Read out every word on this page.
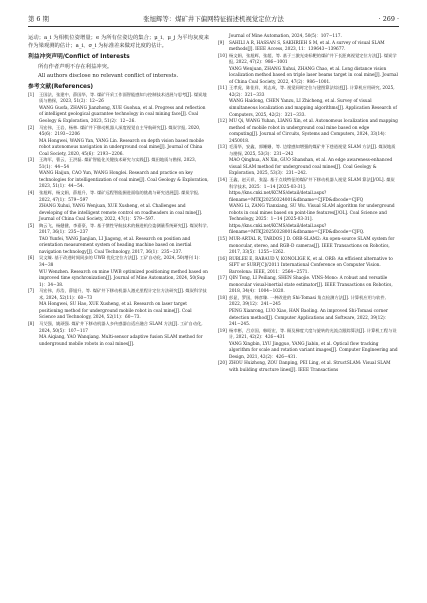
第 6 期	张旭辉等：煤矿井下偏网特征描述机视觉定位方法	· 269 ·

运动；a_i 为相机位姿增量；e 为所有位姿边的集合；μ_i、μ_j 为平均灰度来作为梁观测的估计；a_i、σ_i 为标准差来做对比度的估计。

利益冲突声明/Conflict of Interests

所有作者声明不存在利益冲突。

All authors disclose no relevant conflict of interests.

参考文献(References)
[1]	王国法，张建中，薛国华，等. 煤矿开采工作面智能感知与控制技术进展与思考[J]. 煤炭地质与勘探，2023, 51(2)：12−26
WANG Guofa, ZHANG Jianzhong, XUE Guohua, et al. Progress and reflection of intelligent geological guarantee technology in coal mining face[J]. Coal Geology & Exploration, 2023, 51(2)：12−26.
[2]	马宏伟，王岩，杨林. 煤矿井下移动机器人深度视觉自主导航研究[J]. 煤炭学报, 2020, 45(6)：2193−2206
MA Hongwei, WANG Yan, YANG Lin. Research on depth vision based mobile robot autonomous navigation in underground coal mine[J]. Journal of China Coal Society, 2020, 45(6)：2193−2206.
[3]	王海军，曹云，王洪磊. 煤矿智能化关键技术研究与实践[J]. 煤田地质与勘探, 2023, 51(1)：44−54
WANG Haijun, CAO Yun, WANG Honglei. Research and practice on key technologies for intelligentization of coal mine[J]. Coal Geology & Exploration, 2023, 51(1)：44−54.
[4]	张旭辉，杨文娟，薛旭升，等. 煤矿远程智能掘进面临的挑战与研究进展[J]. 煤炭学报, 2022, 47(1)：579−597
ZHANG Xuhui, YANG Wenjuan, XUE Xusheng, et al. Challenges and developing of the intelligent remote control on roadheaders in coal mine[J]. Journal of China Coal Society, 2022, 47(1)：579−597.
[5]	陶云飞，杨健健，李嘉豪，等. 基于惯性导航技术的掘进机位姿测量系统研究[J]. 煤炭科学, 2017, 36(1)：235−237
TAO Yunfei, YANG Jianjian, LI Jiagong, et al. Research on position and orientation measurement system of heading machine based on inertial navigation technology[J]. Coal Technology, 2017, 36(1)：235−237.
[6]	吴文臻. 基于改进时间同步的 UWB 优化定位方法[J]. 工矿自动化, 2024, 50(增刊 1)：34−38
WU Wenzhen. Research on mine UWB optimized positioning method based on improved time synchronization[J]. Journal of Mine Automation, 2024, 50(Sup 1)：34−38.
[7]	马宏伟，苏浩，薛旭升，等. 煤矿井下移动机器人激光里程计定位方法研究[J]. 煤炭科学技术, 2024, 52(11)：60−73
MA Hongwei, SU Hao, XUE Xusheng, et al. Research on laser target positioning method for underground mobile robot in coal mine[J]. Coal Science and Technology, 2024, 52(11)：60−73.
[8]	马艾强，姚顽强. 煤矿井下移动机器人多传感器自适应融合 SLAM 方法[J]. 工矿自动化, 2024, 50(5)：107−117
MA Aiqiang, YAO Wanqiang. Multi-sensor adaptive fusion SLAM method for underground mobile robots in coal mines[J].
Journal of Mine Automation, 2024, 50(5)：107−117.
[9]	SAHILI A R, HASSAN S, SAKHRIEH S M, et al. A survey of visual SLAM methods[J]. IEEE Access, 2023, 11：139643−139677.
[10] 杨文娟，张旭辉，张超，等. 基于三激光束标靶的煤矿井下长距离视觉定位方法[J]. 煤炭学报, 2022, 47(2)：986−1001
YANG Wenjuan, ZHANG Xuhui, ZHANG Chao, et al. Long distance vision localization method based on triple laser beams target in coal mine[J]. Journal of China Coal Society, 2022, 47(2)：986−1001.
[11] 王孝虎，陈佳祥，刘志成，等. 视觉同时定位与建图算法综述[J]. 计算机应用研究, 2025, 42(2)：321−333
WANG Haidong, CHEN Yanzu, LI Zhicheng, et al. Survey of visual simultaneous localization and mapping algorithms[J]. Application Research of Computers, 2025, 42(2)：321−333.
[12] MU Qi, WANG Yuhan, LIANG Xin, et al. Autonomous localization and mapping method of mobile robot in underground coal mine based on edge computing[J]. Journal of Circuits, Systems and Computers, 2024, 33(14)：2450018.
[13] 毛清华，安鑫，郭姗姗，等. 边缘感知增强的煤矿井下巷道视觉 SLAM 方法[J]. 煤炭地质与勘探, 2025, 53(3)：231−242
MAO Qinghua, AN Xin, GUO Shanshan, et al. An edge awareness-enhanced visual SLAM method for underground coal mines[J]. Coal Geology & Exploration, 2025, 53(3)：231−242.
[14] 王鑫，赵天祥，张温. 基于点线特征的煤矿井下移动机器人视觉 SLAM 算法[J/OL]. 煤炭科学技术, 2025：1−14 [2025-03-31]. https://kns.cnki.net/KCMS/detail/detail.aspx?filename=MTKJ20250324001&dbname=CJFD&dbcode=CJFQ
WANG Li, ZANG Tianxiang, SU Wu. Visual SLAM algorithm for underground robots in coal mines based on point-line features[J/OL]. Coal Science and Technology, 2025：1−14 [2025-03-31]. https://kns.cnki.net/KCMS/detail/detail.aspx?filename=MTKJ20250328001&dbname=CJFD&dbcode=CJFQ.
[15] MUR-ARTAL R, TARDOS J D. ORB-SLAM2: An open-source SLAM system for monocular, stereo, and RGB-D cameras[J]. IEEE Transactions on Robotics, 2017, 33(5)：1255−1262.
[16] RUBLEE E, RABAUD V, KONOLIGE K, et al. ORB: An efficient alternative to SIFT or SURF[C]//2011 International Conference on Computer Vision. Barcelona: IEEE, 2011：2564−2571.
[17] QIN Tong, LI Peiliang, SHEN Shaojie. VINS-Mono: A robust and versatile monocular visual-inertial state estimator[J]. IEEE Transactions on Robotics, 2018, 34(4)：1004−1020.
[18] 彭显，罗国，韩彦臻. 一种改进的 Shi-Tomasi 角点检测方法[J]. 计算机应用与软件, 2022, 39(12)：241−245
PENG Xianrong, LUO Xiao, HAN Baoling. An improved Shi-Tomasi corner detection method[J]. Computer Applications and Software, 2022, 39(12)：241−245.
[19] 杨幸彬，吕京国，韩昭宏，等. 顾及梯度大度与旋转的光流点跟踪算法[J]. 计算机工程与设计, 2021, 42(2)：426−431
YANG Xingbin, LYU Jingguo, YANG Jiabin, et al. Optical flow tracking algorithm for scale and rotation variant images[J]. Computer Engineering and Design, 2021, 42(2)：426−431.
[20] ZHOU Huizhong, ZOU Danping, PEI Ling, et al. StructSLAM: Visual SLAM with building structure lines[J]. IEEE Transactions
